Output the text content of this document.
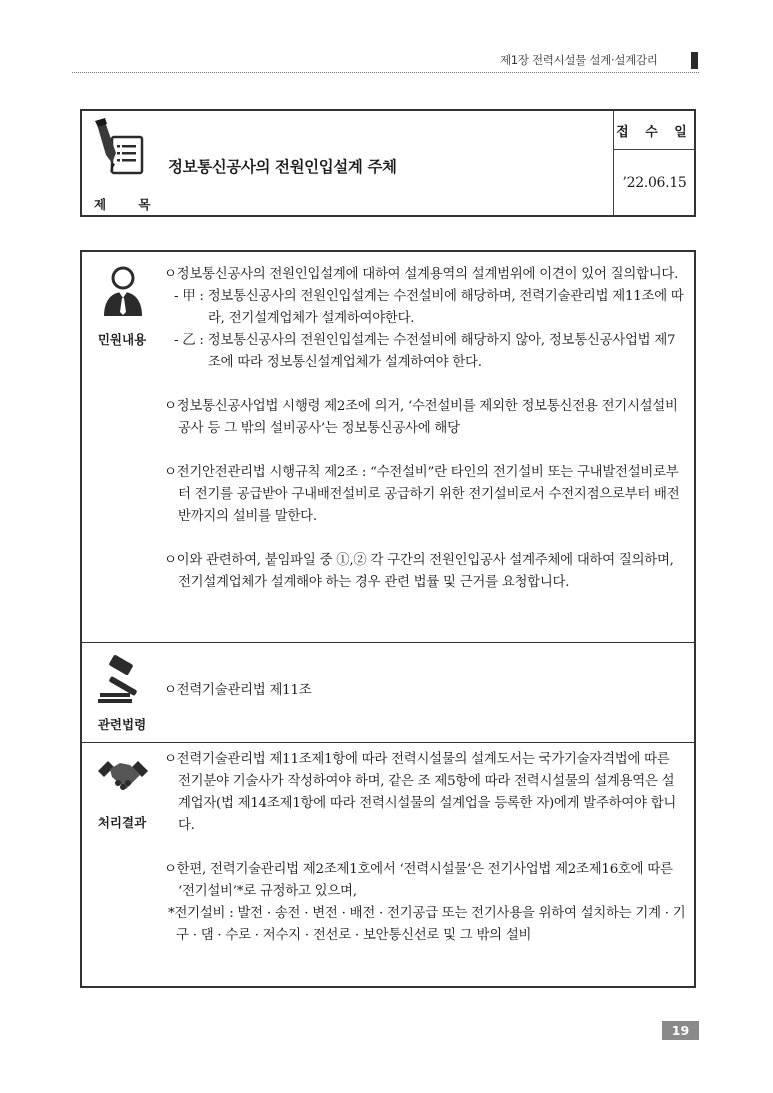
제1장 전력시설물 설계·설계감리
제 목
정보통신공사의 전원인입설계 주체
접 수 일
’22.06.15
민원내용

ㅇ정보통신공사의 전원인입설계에 대하여 설계용역의 설계범위에 이견이 있어 질의합니다.

- 甲 : 정보통신공사의 전원인입설계는 수전설비에 해당하며, 전력기술관리법 제11조에 따라, 전기설계업체가 설계하여야한다.

- 乙 : 정보통신공사의 전원인입설계는 수전설비에 해당하지 않아, 정보통신공사업법 제7조에 따라 정보통신설계업체가 설계하여야 한다.

ㅇ정보통신공사업법 시행령 제2조에 의거, ‘수전설비를 제외한 정보통신전용 전기시설설비공사 등 그 밖의 설비공사’는 정보통신공사에 해당

ㅇ전기안전관리법 시행규칙 제2조 : “수전설비”란 타인의 전기설비 또는 구내발전설비로부터 전기를 공급받아 구내배전설비로 공급하기 위한 전기설비로서 수전지점으로부터 배전반까지의 설비를 말한다.

ㅇ이와 관련하여, 붙임파일 중 ①,② 각 구간의 전원인입공사 설계주체에 대하여 질의하며, 전기설계업체가 설계해야 하는 경우 관련 법률 및 근거를 요청합니다.

관련법령

ㅇ전력기술관리법 제11조

처리결과

ㅇ전력기술관리법 제11조제1항에 따라 전력시설물의 설계도서는 국가기술자격법에 따른 전기분야 기술사가 작성하여야 하며, 같은 조 제5항에 따라 전력시설물의 설계용역은 설계업자(법 제14조제1항에 따라 전력시설물의 설계업을 등록한 자)에게 발주하여야 합니다.

ㅇ한편, 전력기술관리법 제2조제1호에서 ‘전력시설물’은 전기사업법 제2조제16호에 따른 ‘전기설비’*로 규정하고 있으며,

*전기설비 : 발전 · 송전 · 변전 · 배전 · 전기공급 또는 전기사용을 위하여 설치하는 기계 · 기구 · 댐 · 수로 · 저수지 · 전선로 · 보안통신선로 및 그 밖의 설비

19
